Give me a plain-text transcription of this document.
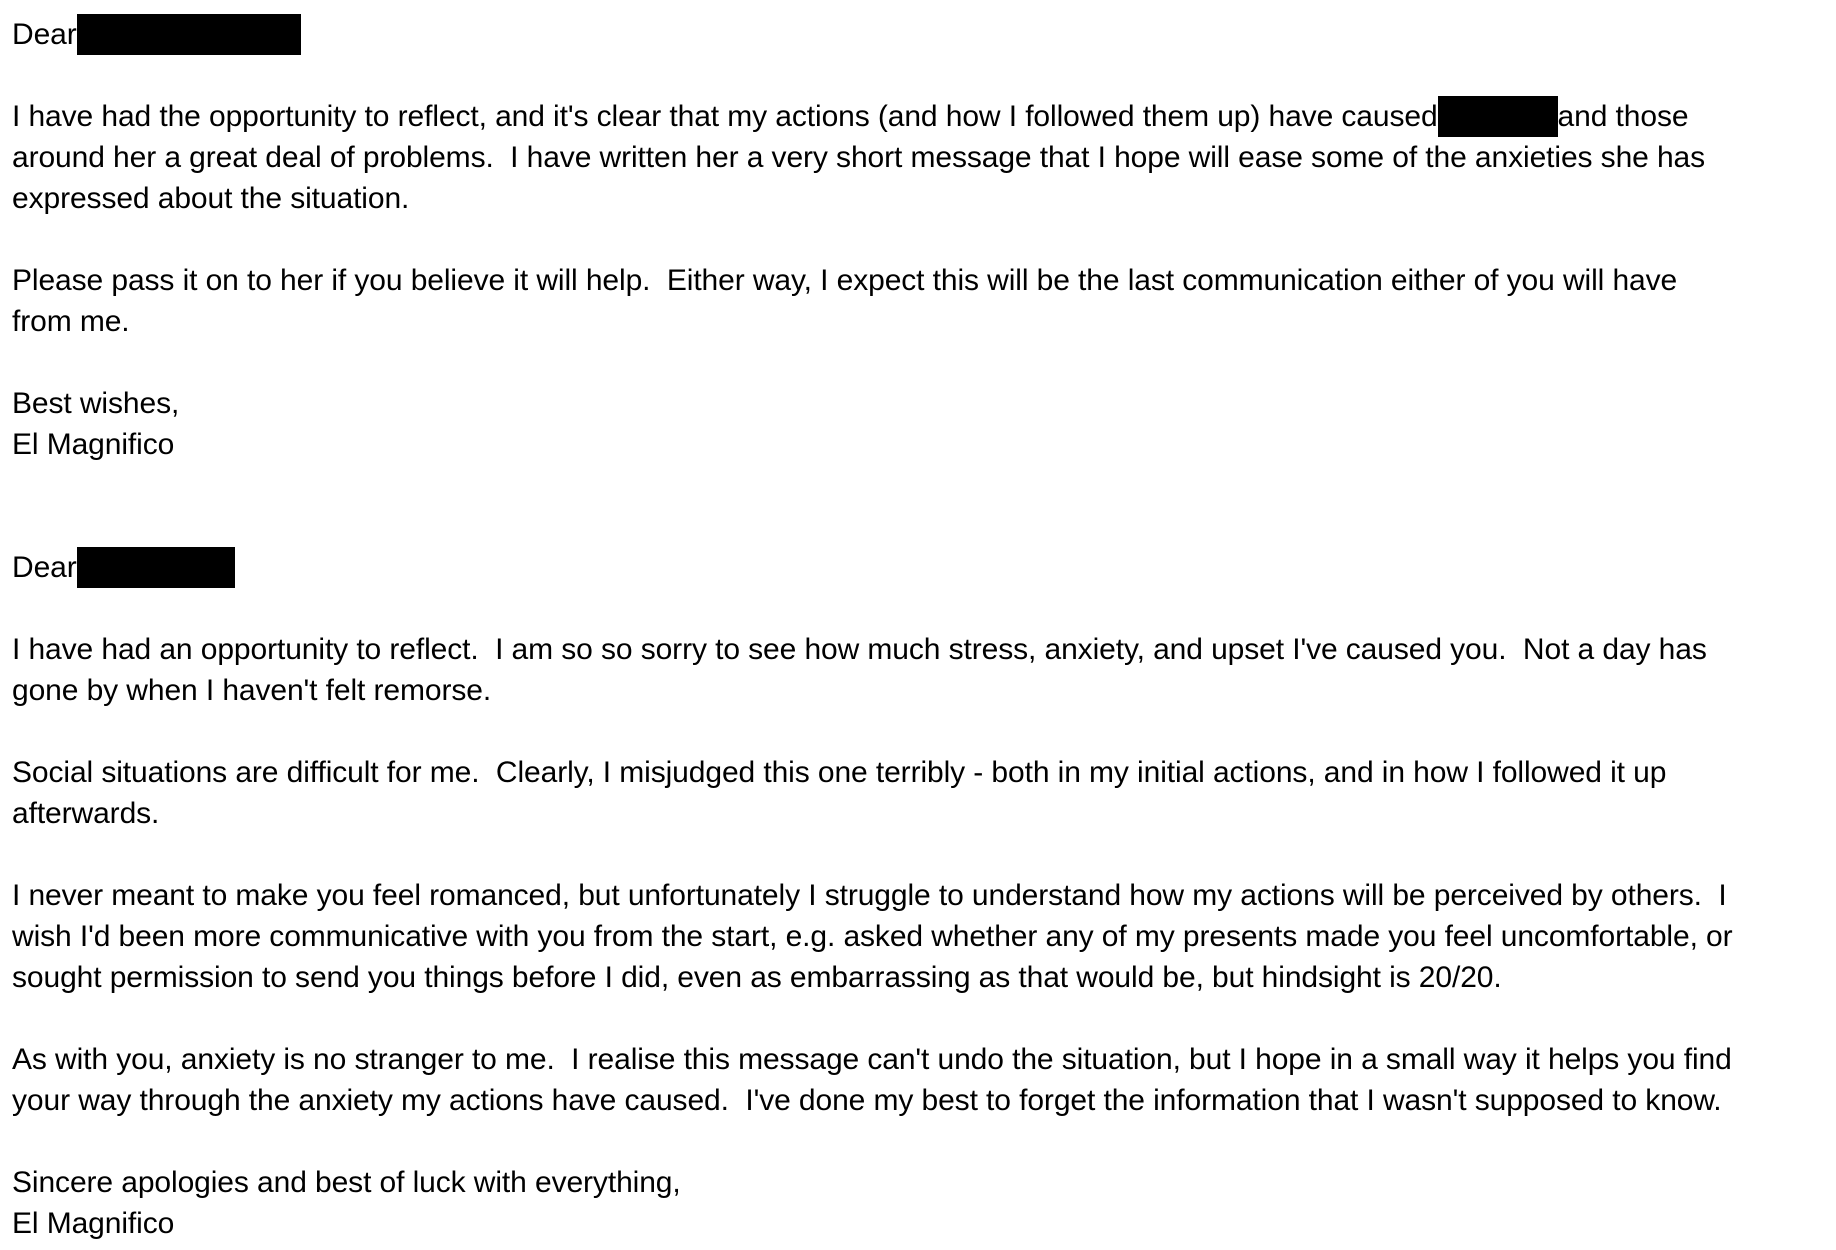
Dear
I have had the opportunity to reflect, and it's clear that my actions (and how I followed them up) have caused	and those
around her a great deal of problems.  I have written her a very short message that I hope will ease some of the anxieties she has
expressed about the situation.
Please pass it on to her if you believe it will help.  Either way, I expect this will be the last communication either of you will have
from me.
Best wishes,
El Magnifico
Dear
I have had an opportunity to reflect.  I am so so sorry to see how much stress, anxiety, and upset I've caused you.  Not a day has
gone by when I haven't felt remorse.
Social situations are difficult for me.  Clearly, I misjudged this one terribly - both in my initial actions, and in how I followed it up
afterwards.
I never meant to make you feel romanced, but unfortunately I struggle to understand how my actions will be perceived by others.  I
wish I'd been more communicative with you from the start, e.g. asked whether any of my presents made you feel uncomfortable, or
sought permission to send you things before I did, even as embarrassing as that would be, but hindsight is 20/20.
As with you, anxiety is no stranger to me.  I realise this message can't undo the situation, but I hope in a small way it helps you find
your way through the anxiety my actions have caused.  I've done my best to forget the information that I wasn't supposed to know.
Sincere apologies and best of luck with everything,
El Magnifico
